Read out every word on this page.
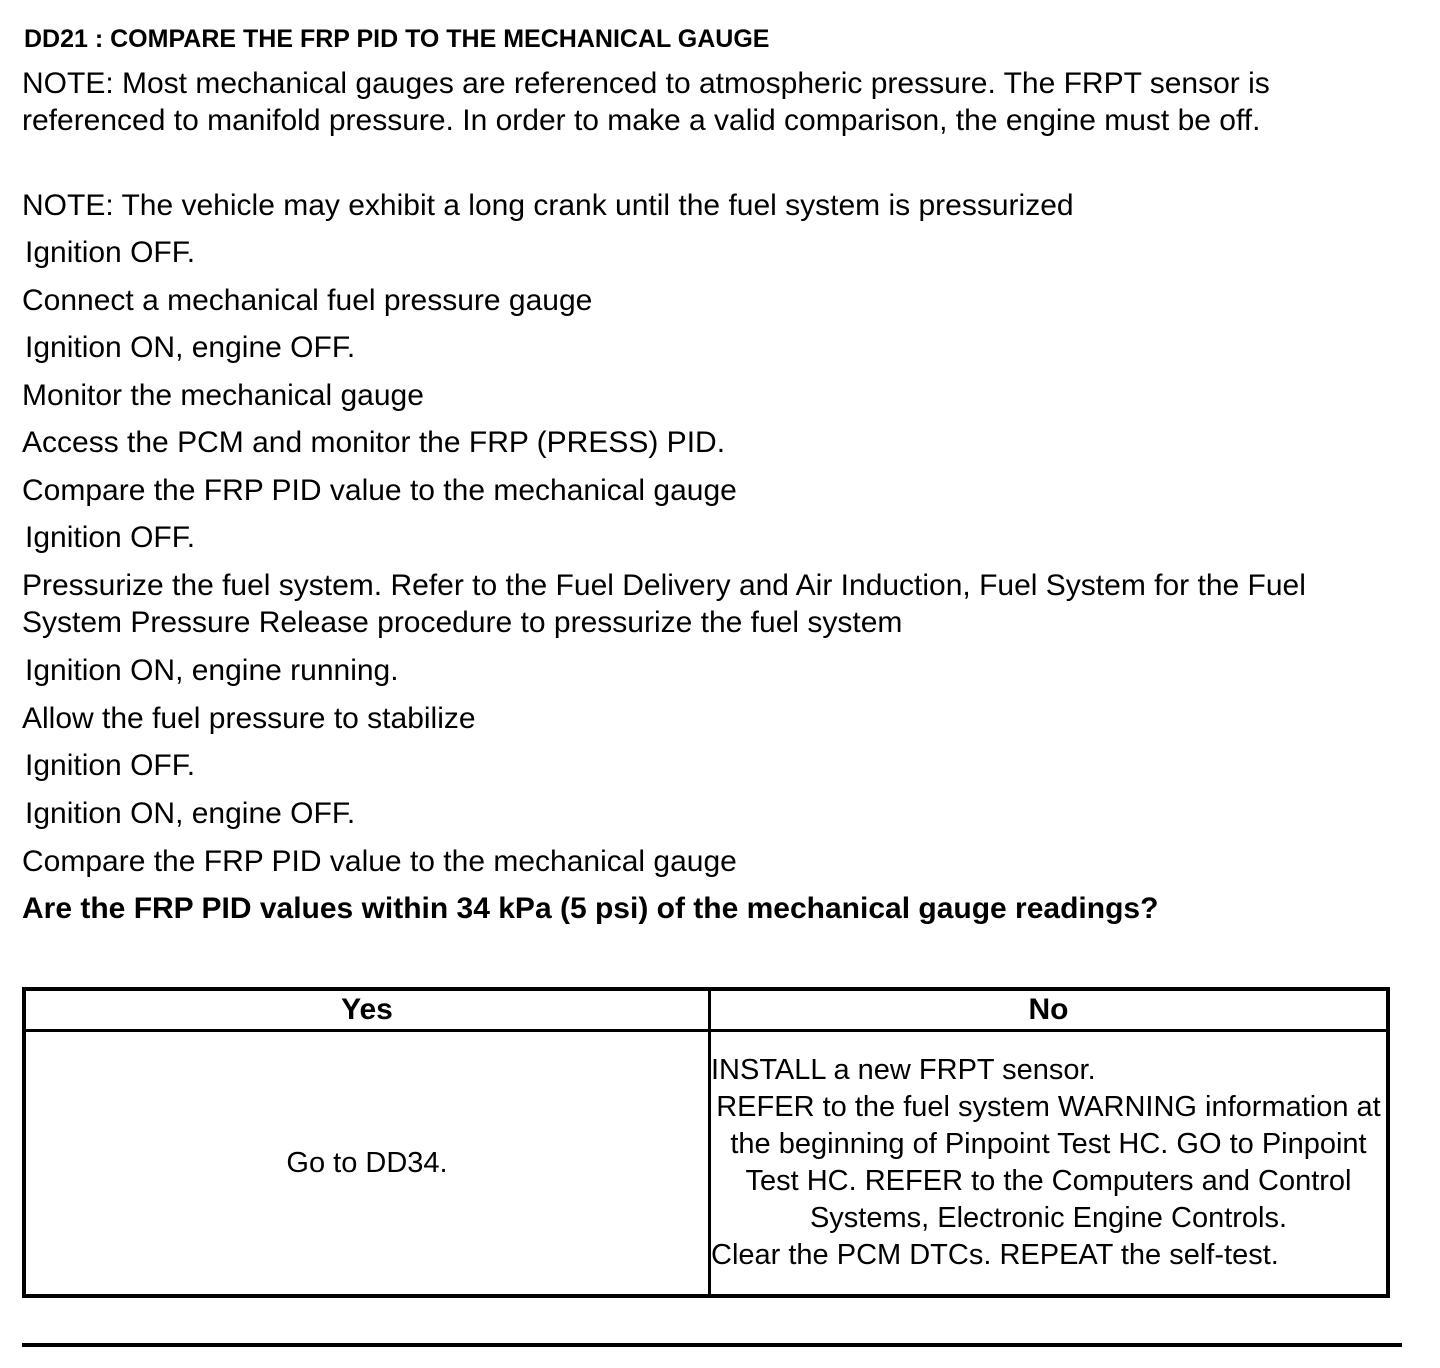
DD21 : COMPARE THE FRP PID TO THE MECHANICAL GAUGE
NOTE: Most mechanical gauges are referenced to atmospheric pressure. The FRPT sensor is referenced to manifold pressure. In order to make a valid comparison, the engine must be off.
NOTE: The vehicle may exhibit a long crank until the fuel system is pressurized
Ignition OFF.
Connect a mechanical fuel pressure gauge
Ignition ON, engine OFF.
Monitor the mechanical gauge
Access the PCM and monitor the FRP (PRESS) PID.
Compare the FRP PID value to the mechanical gauge
Ignition OFF.
Pressurize the fuel system. Refer to the Fuel Delivery and Air Induction, Fuel System for the Fuel System Pressure Release procedure to pressurize the fuel system
Ignition ON, engine running.
Allow the fuel pressure to stabilize
Ignition OFF.
Ignition ON, engine OFF.
Compare the FRP PID value to the mechanical gauge
Are the FRP PID values within 34 kPa (5 psi) of the mechanical gauge readings?
Yes	No
Go to DD34.	INSTALL a new FRPT sensor.
REFER to the fuel system WARNING information at the beginning of Pinpoint Test HC. GO to Pinpoint Test HC. REFER to the Computers and Control Systems, Electronic Engine Controls.
Clear the PCM DTCs. REPEAT the self-test.
